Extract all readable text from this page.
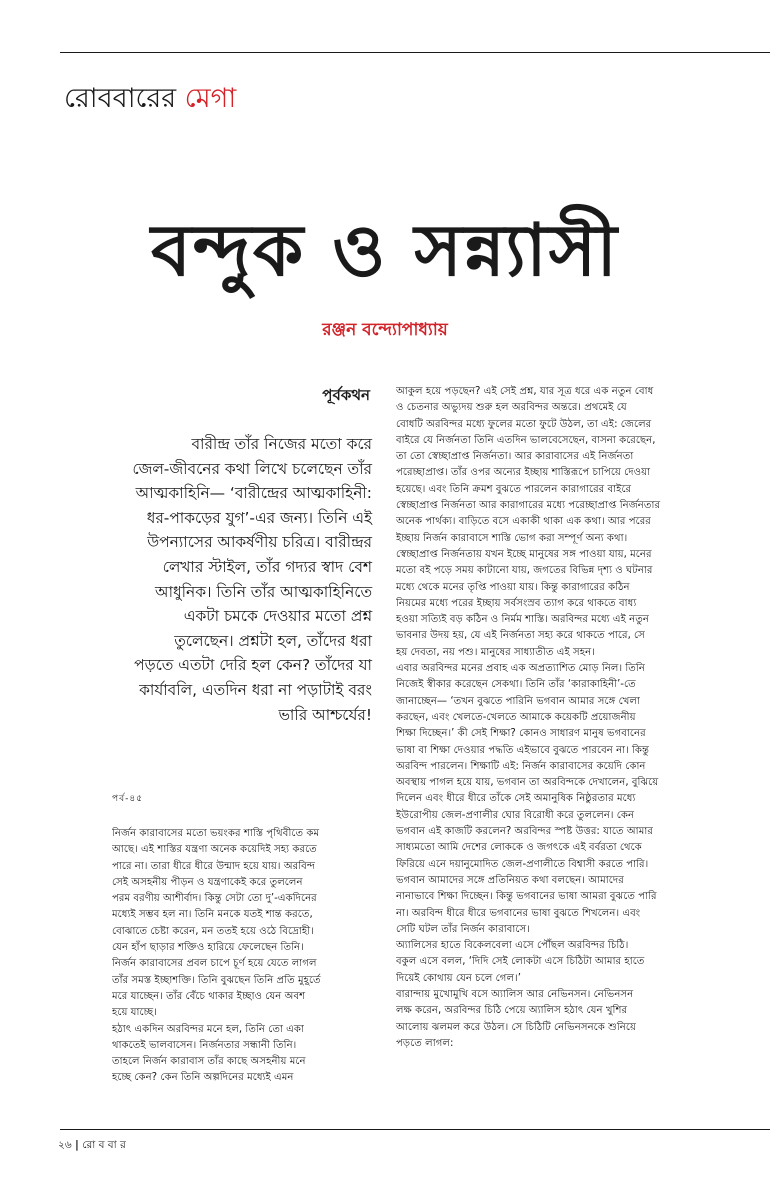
রোববারের মেগা
বন্দুক ও সন্ন্যাসী
রঞ্জন বন্দ্যোপাধ্যায়
পূর্বকথন
বারীন্দ্র তাঁর নিজের মতো করে
জেল-জীবনের কথা লিখে চলেছেন তাঁর
আত্মকাহিনি— ‘বারীন্দ্রের আত্মকাহিনী:
ধর-পাকড়ের যুগ’-এর জন্য। তিনি এই
উপন্যাসের আকর্ষণীয় চরিত্র। বারীন্দ্রর
লেখার স্টাইল, তাঁর গদ্যর স্বাদ বেশ
আধুনিক। তিনি তাঁর আত্মকাহিনিতে
একটা চমকে দেওয়ার মতো প্রশ্ন
তুলেছেন। প্রশ্নটা হল, তাঁদের ধরা
পড়তে এতটা দেরি হল কেন? তাঁদের যা
কার্যাবলি, এতদিন ধরা না পড়াটাই বরং
ভারি আশ্চর্যের!
পর্ব-৪৫
নির্জন কারাবাসের মতো ভয়ংকর শাস্তি পৃথিবীতে কম
আছে। এই শাস্তির যন্ত্রণা অনেক কয়েদিই সহ্য করতে
পারে না। তারা ধীরে ধীরে উন্মাদ হয়ে যায়। অরবিন্দ
সেই অসহনীয় পীড়ন ও যন্ত্রণাকেই করে তুললেন
পরম বরণীয় আশীর্বাদ। কিন্তু সেটা তো দু’-একদিনের
মধ্যেই সম্ভব হল না। তিনি মনকে যতই শান্ত করতে,
বোঝাতে চেষ্টা করেন, মন ততই হয়ে ওঠে বিদ্রোহী।
যেন হাঁপ ছাড়ার শক্তিও হারিয়ে ফেলেছেন তিনি।
নির্জন কারাবাসের প্রবল চাপে চূর্ণ হয়ে যেতে লাগল
তাঁর সমস্ত ইচ্ছাশক্তি। তিনি বুঝছেন তিনি প্রতি মুহূর্তে
মরে যাচ্ছেন। তাঁর বেঁচে থাকার ইচ্ছাও যেন অবশ
হয়ে যাচ্ছে।
হঠাৎ একদিন অরবিন্দর মনে হল, তিনি তো একা
থাকতেই ভালবাসেন। নির্জনতার সন্ধানী তিনি।
তাহলে নির্জন কারাবাস তাঁর কাছে অসহনীয় মনে
হচ্ছে কেন? কেন তিনি অল্পদিনের মধ্যেই এমন
আকুল হয়ে পড়ছেন? এই সেই প্রশ্ন, যার সূত্র ধরে এক নতুন বোধ
ও চেতনার অভ্যুদয় শুরু হল অরবিন্দর অন্তরে। প্রথমেই যে
বোধটি অরবিন্দর মধ্যে ফুলের মতো ফুটে উঠল, তা এই: জেলের
বাইরে যে নির্জনতা তিনি এতদিন ভালবেসেছেন, বাসনা করেছেন,
তা তো স্বেচ্ছাপ্রাপ্ত নির্জনতা। আর কারাবাসের এই নির্জনতা
পরেচ্ছাপ্রাপ্ত। তাঁর ওপর অন্যের ইচ্ছায় শাস্তিরূপে চাপিয়ে দেওয়া
হয়েছে। এবং তিনি ক্রমশ বুঝতে পারলেন কারাগারের বাইরে
স্বেচ্ছাপ্রাপ্ত নির্জনতা আর কারাগারের মধ্যে পরেচ্ছাপ্রাপ্ত নির্জনতার
অনেক পার্থক্য। বাড়িতে বসে একাকী থাকা এক কথা। আর পরের
ইচ্ছায় নির্জন কারাবাসে শাস্তি ভোগ করা সম্পূর্ণ অন্য কথা।
স্বেচ্ছাপ্রাপ্ত নির্জনতায় যখন ইচ্ছে মানুষের সঙ্গ পাওয়া যায়, মনের
মতো বই পড়ে সময় কাটানো যায়, জগতের বিভিন্ন দৃশ্য ও ঘটনার
মধ্যে থেকে মনের তৃপ্তি পাওয়া যায়। কিন্তু কারাগারের কঠিন
নিয়মের মধ্যে পরের ইচ্ছায় সর্বসংস্রব ত্যাগ করে থাকতে বাধ্য
হওয়া সত্যিই বড় কঠিন ও নির্মম শাস্তি। অরবিন্দর মধ্যে এই নতুন
ভাবনার উদয় হয়, যে এই নির্জনতা সহ্য করে থাকতে পারে, সে
হয় দেবতা, নয় পশু। মানুষের সাধ্যাতীত এই সহন।
এবার অরবিন্দর মনের প্রবাহ এক অপ্রত্যাশিত মোড় নিল। তিনি
নিজেই স্বীকার করেছেন সেকথা। তিনি তাঁর ‘কারাকাহিনী’-তে
জানাচ্ছেন— ‘তখন বুঝতে পারিনি ভগবান আমার সঙ্গে খেলা
করছেন, এবং খেলতে-খেলতে আমাকে কয়েকটি প্রয়োজনীয়
শিক্ষা দিচ্ছেন।’ কী সেই শিক্ষা? কোনও সাধারণ মানুষ ভগবানের
ভাষা বা শিক্ষা দেওয়ার পদ্ধতি এইভাবে বুঝতে পারবেন না। কিন্তু
অরবিন্দ পারলেন। শিক্ষাটি এই: নির্জন কারাবাসের কয়েদি কোন
অবস্থায় পাগল হয়ে যায়, ভগবান তা অরবিন্দকে দেখালেন, বুঝিয়ে
দিলেন এবং ধীরে ধীরে তাঁকে সেই অমানুষিক নিষ্ঠুরতার মধ্যে
ইউরোপীয় জেল-প্রণালীর ঘোর বিরোধী করে তুললেন। কেন
ভগবান এই কাজটি করলেন? অরবিন্দর স্পষ্ট উত্তর: যাতে আমার
সাধ্যমতো আমি দেশের লোককে ও জগৎকে এই বর্বরতা থেকে
ফিরিয়ে এনে দয়ানুমোদিত জেল-প্রণালীতে বিশ্বাসী করতে পারি।
ভগবান আমাদের সঙ্গে প্রতিনিয়ত কথা বলছেন। আমাদের
নানাভাবে শিক্ষা দিচ্ছেন। কিন্তু ভগবানের ভাষা আমরা বুঝতে পারি
না। অরবিন্দ ধীরে ধীরে ভগবানের ভাষা বুঝতে শিখলেন। এবং
সেটি ঘটল তাঁর নির্জন কারাবাসে।
অ্যালিসের হাতে বিকেলবেলা এসে পৌঁছল অরবিন্দর চিঠি।
বকুল এসে বলল, ‘দিদি সেই লোকটা এসে চিঠিটা আমার হাতে
দিয়েই কোথায় যেন চলে গেল।’
বারান্দায় মুখোমুখি বসে অ্যালিস আর নেভিনসন। নেভিনসন
লক্ষ করেন, অরবিন্দর চিঠি পেয়ে অ্যালিস হঠাৎ যেন খুশির
আলোয় ঝলমল করে উঠল। সে চিঠিটি নেভিনসনকে শুনিয়ে
পড়তে লাগল:
২৬ | রো ব বা র
